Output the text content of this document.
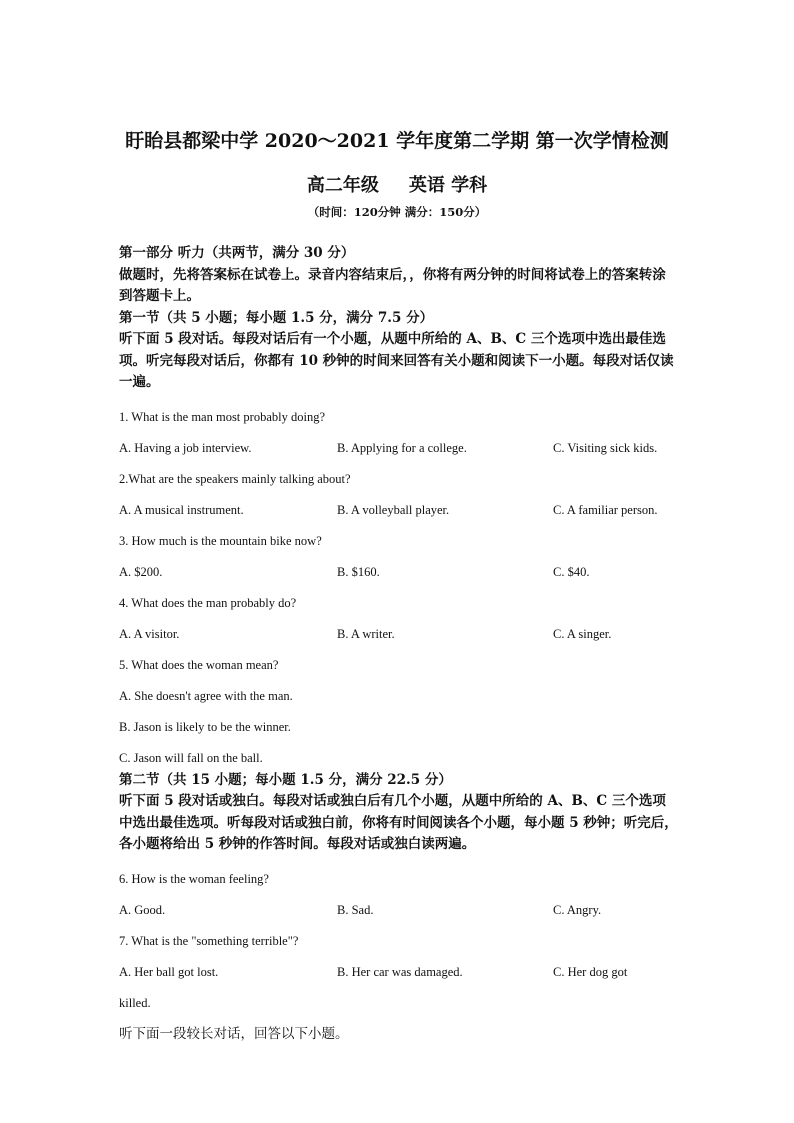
盱眙县都梁中学 2020～2021 学年度第二学期 第一次学情检测
高二年级 英语 学科
（时间：120分钟 满分：150分）

第一部分 听力（共两节，满分 30 分）

做题时，先将答案标在试卷上。录音内容结束后，，你将有两分钟的时间将试卷上的答案转涂到答题卡上。

第一节（共 5 小题；每小题 1.5 分，满分 7.5 分）

听下面 5 段对话。每段对话后有一个小题，从题中所给的 A、B、C 三个选项中选出最佳选项。听完每段对话后，你都有 10 秒钟的时间来回答有关小题和阅读下一小题。每段对话仅读一遍。

1. What is the man most probably doing?
A. Having a job interview.	B. Applying for a college.	C. Visiting sick kids.
2.What are the speakers mainly talking about?
A. A musical instrument.	B. A volleyball player.	C. A familiar person.
3. How much is the mountain bike now?
A. $200.	B. $160.	C. $40.
4. What does the man probably do?
A. A visitor.	B. A writer.	C. A singer.
5. What does the woman mean?
A. She doesn't agree with the man.
B. Jason is likely to be the winner.
C. Jason will fall on the ball.

第二节（共 15 小题；每小题 1.5 分，满分 22.5 分）

听下面 5 段对话或独白。每段对话或独白后有几个小题，从题中所给的 A、B、C 三个选项中选出最佳选项。听每段对话或独白前，你将有时间阅读各个小题，每小题 5 秒钟；听完后，各小题将给出 5 秒钟的作答时间。每段对话或独白读两遍。

6. How is the woman feeling?
A. Good.	B. Sad.	C. Angry.
7. What is the "something terrible"?
A. Her ball got lost.	B. Her car was damaged.	C. Her dog got
killed.
听下面一段较长对话，回答以下小题。
